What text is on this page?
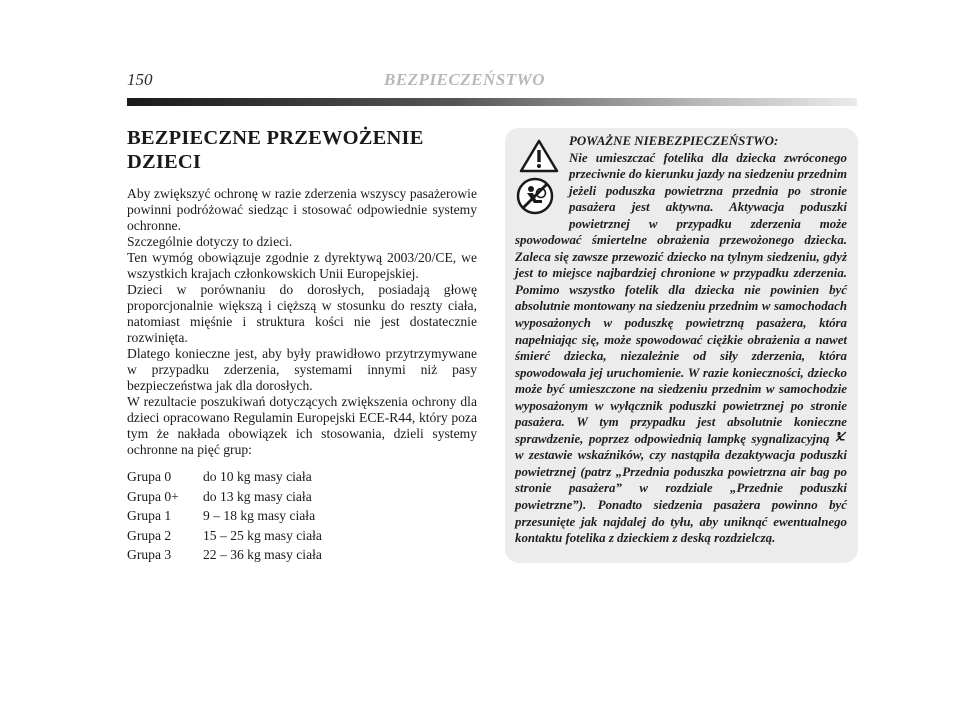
150	BEZPIECZEŃSTWO
BEZPIECZNE PRZEWOŻENIE
DZIECI

Aby zwiększyć ochronę w razie zderzenia wszyscy pasażerowie powinni podróżować siedząc i stosować odpowiednie systemy ochronne.

Szczególnie dotyczy to dzieci.

Ten wymóg obowiązuje zgodnie z dyrektywą 2003/20/CE, we wszystkich krajach członkowskich Unii Europejskiej.

Dzieci w porównaniu do dorosłych, posiadają głowę proporcjonalnie większą i cięższą w stosunku do reszty ciała, natomiast mięśnie i struktura kości nie jest dostatecznie rozwinięta.

Dlatego konieczne jest, aby były prawidłowo przytrzymywane w przypadku zderzenia, systemami innymi niż pasy bezpieczeństwa jak dla dorosłych.

W rezultacie poszukiwań dotyczących zwiększenia ochrony dla dzieci opracowano Regulamin Europejski ECE-R44, który poza tym że nakłada obowiązek ich stosowania, dzieli systemy ochronne na pięć grup:

Grupa 0	do 10 kg masy ciała
Grupa 0+	do 13 kg masy ciała
Grupa 1	9 – 18 kg masy ciała
Grupa 2	15 – 25 kg masy ciała
Grupa 3	22 – 36 kg masy ciała
POWAŻNE NIEBEZPIECZEŃSTWO:
Nie umieszczać fotelika dla dziecka zwróconego przeciwnie do kierunku jazdy na siedzeniu przednim jeżeli poduszka powietrzna przednia po stronie pasażera jest aktywna. Aktywacja poduszki powietrznej w przypadku zderzenia może spowodować śmiertelne obrażenia przewożonego dziecka. Zaleca się zawsze przewozić dziecko na tylnym siedzeniu, gdyż jest to miejsce najbardziej chronione w przypadku zderzenia. Pomimo wszystko fotelik dla dziecka nie powinien być absolutnie montowany na siedzeniu przednim w samochodach wyposażonych w poduszkę powietrzną pasażera, która napełniając się, może spowodować ciężkie obrażenia a nawet śmierć dziecka, niezależnie od siły zderzenia, która spowodowała jej uruchomienie. W razie konieczności, dziecko może być umieszczone na siedzeniu przednim w samochodzie wyposażonym w wyłącznik poduszki powietrznej po stronie pasażera. W tym przypadku jest absolutnie konieczne sprawdzenie, poprzez odpowiednią lampkę sygnalizacyjną  w zestawie wskaźników, czy nastąpiła dezaktywacja poduszki powietrznej (patrz „Przednia poduszka powietrzna air bag po stronie pasażera” w rozdziale „Przednie poduszki powietrzne”). Ponadto siedzenia pasażera powinno być przesunięte jak najdalej do tyłu, aby uniknąć ewentualnego kontaktu fotelika z dzieckiem z deską rozdzielczą.
